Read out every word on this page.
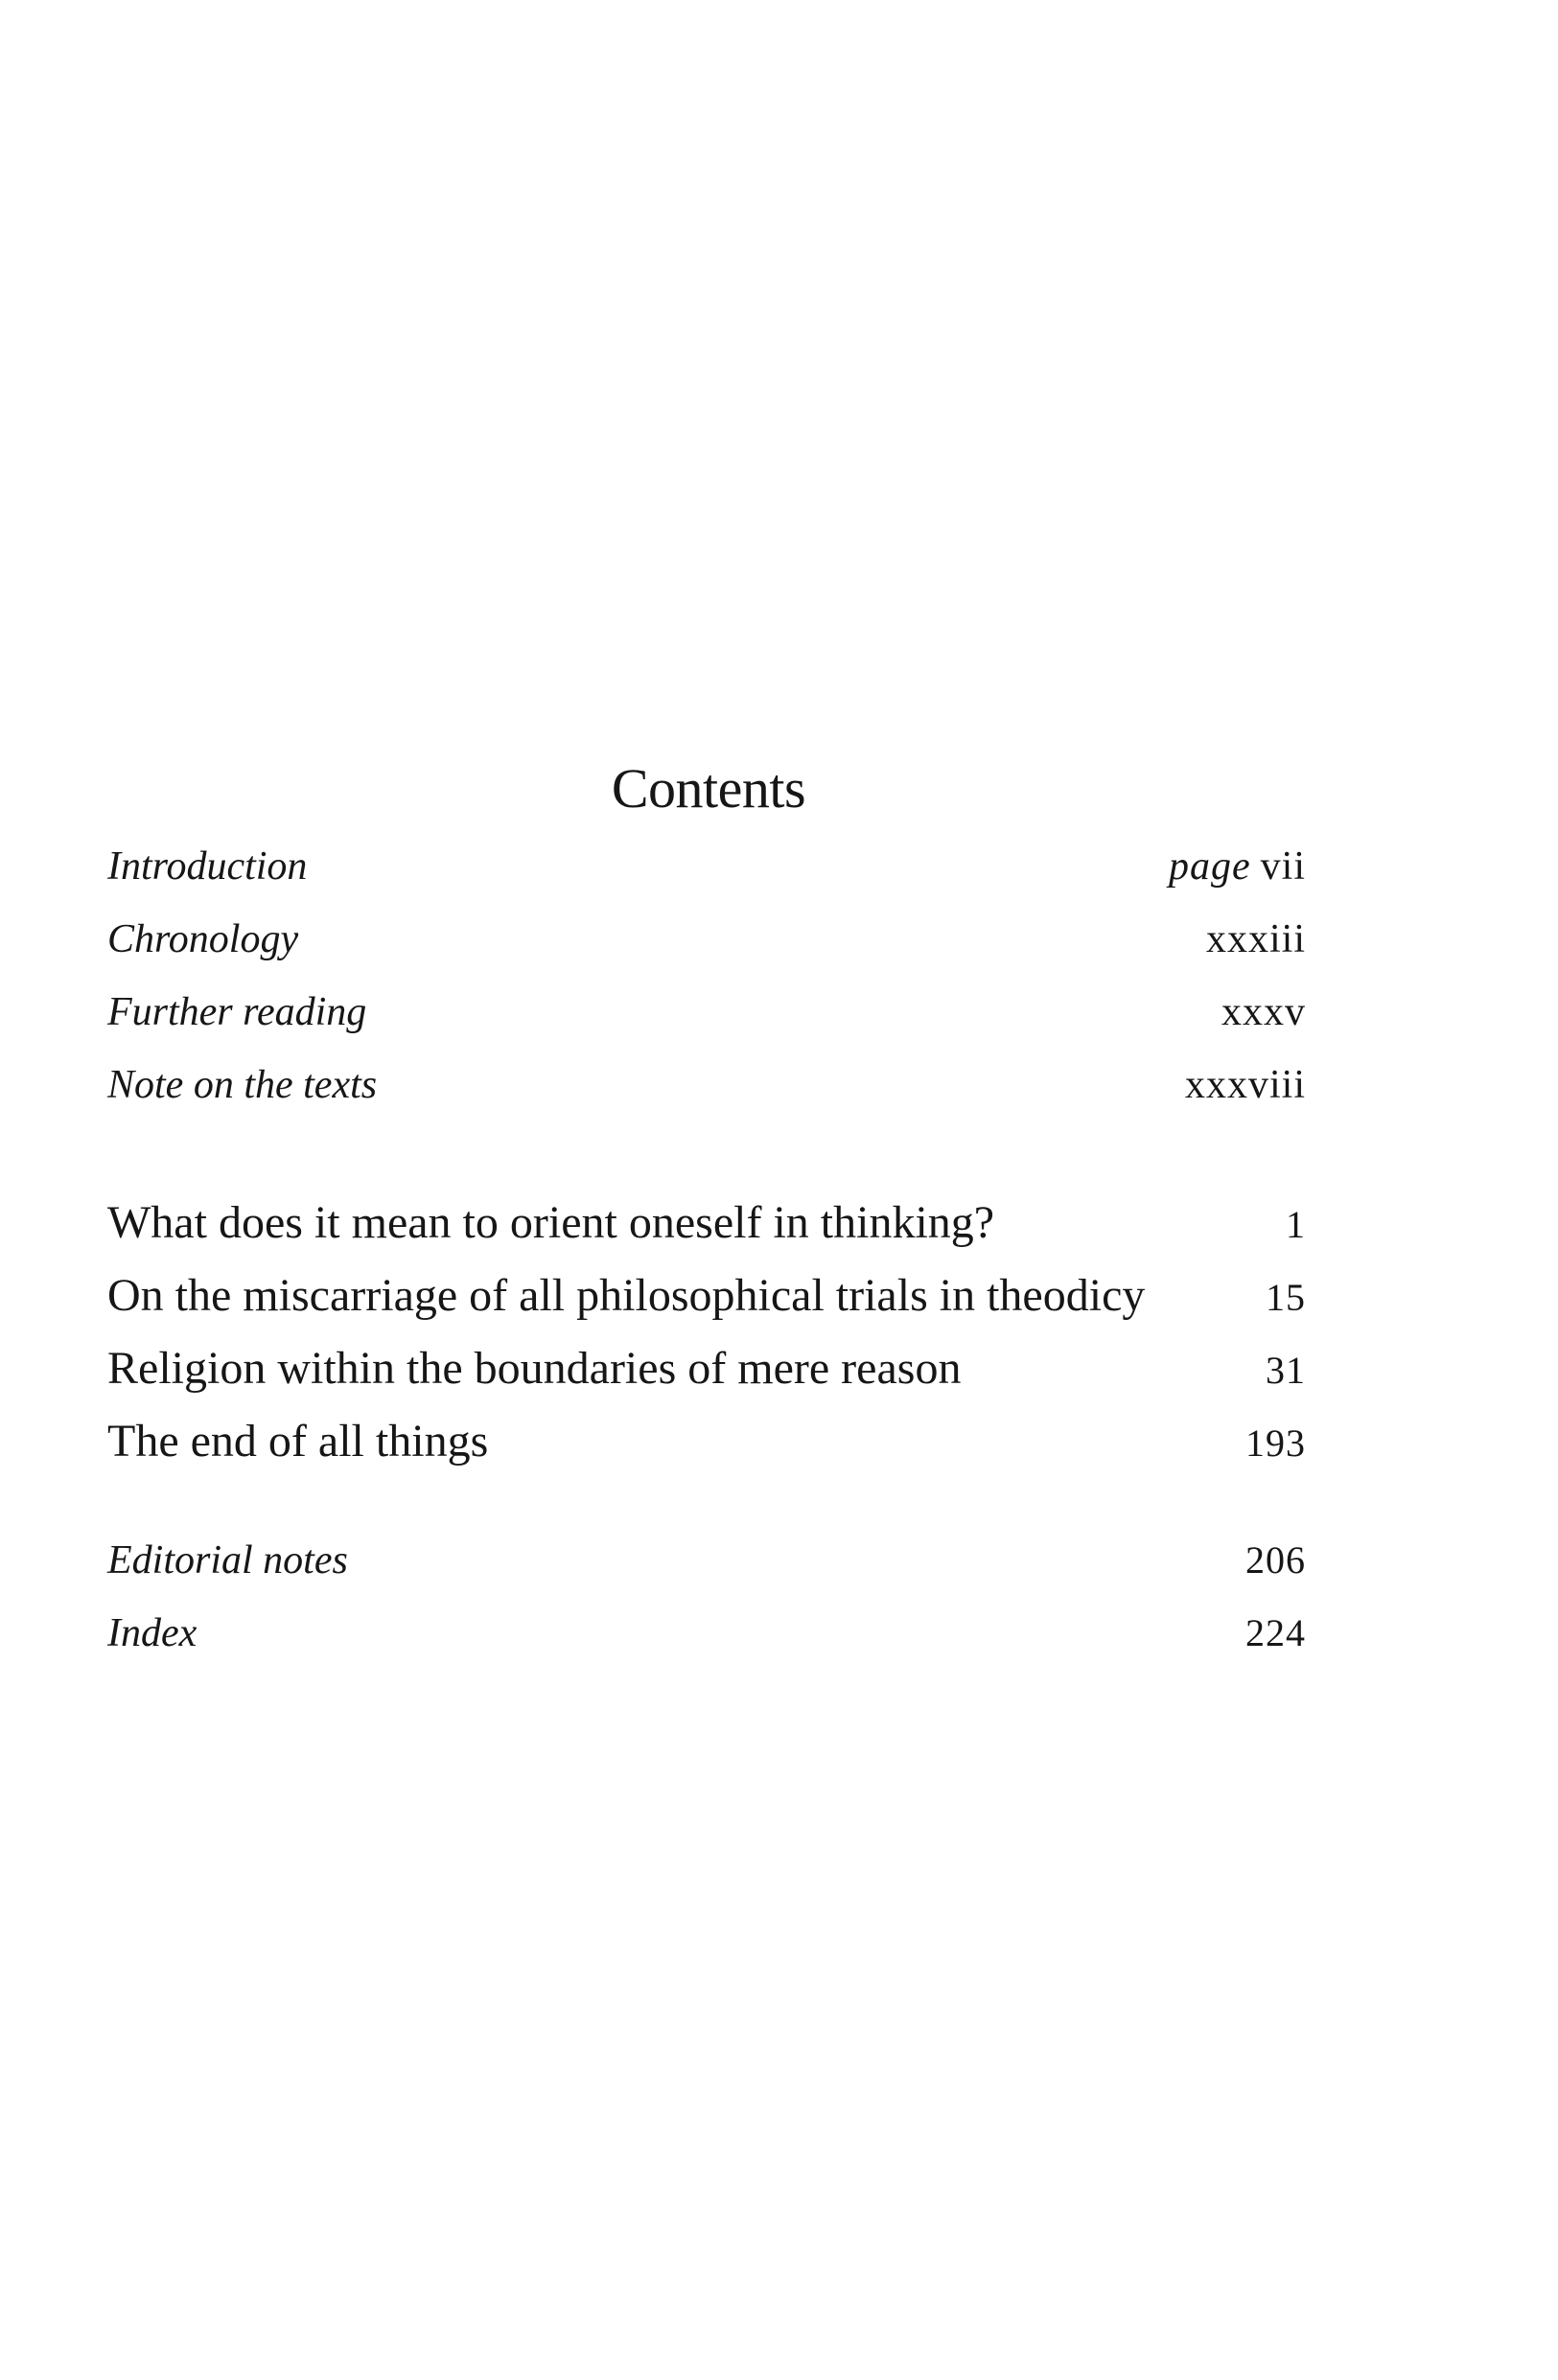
Contents
Introduction	page vii
Chronology	xxxiii
Further reading	xxxv
Note on the texts	xxxviii
What does it mean to orient oneself in thinking?	1
On the miscarriage of all philosophical trials in theodicy	15
Religion within the boundaries of mere reason	31
The end of all things	193
Editorial notes	206
Index	224
